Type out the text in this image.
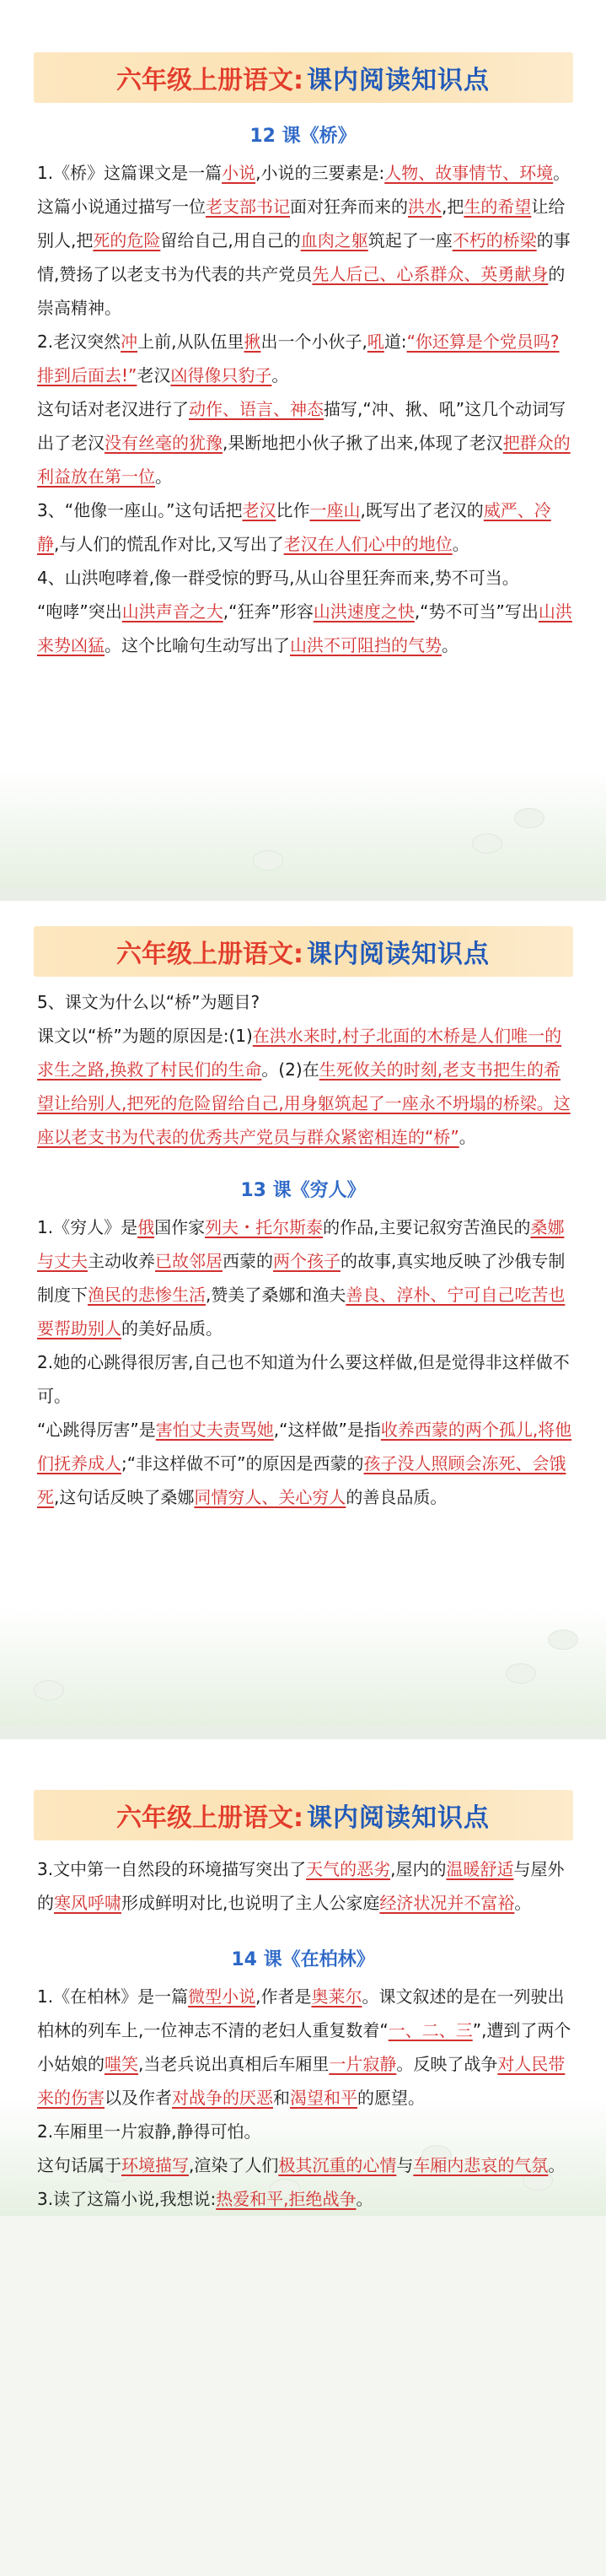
六年级上册语文: 课内阅读知识点
12 课《桥》

1.《桥》这篇课文是一篇小说,小说的三要素是:人物、故事情节、环境。

这篇小说通过描写一位老支部书记面对狂奔而来的洪水,把生的希望让给别人,把死的危险留给自己,用自己的血肉之躯筑起了一座不朽的桥梁的事情,赞扬了以老支书为代表的共产党员先人后己、心系群众、英勇献身的崇高精神。

2.老汉突然冲上前,从队伍里揪出一个小伙子,吼道:“你还算是个党员吗?排到后面去!”老汉凶得像只豹子。

这句话对老汉进行了动作、语言、神态描写,“冲、揪、吼”这几个动词写出了老汉没有丝毫的犹豫,果断地把小伙子揪了出来,体现了老汉把群众的利益放在第一位。

3、“他像一座山。”这句话把老汉比作一座山,既写出了老汉的威严、冷静,与人们的慌乱作对比,又写出了老汉在人们心中的地位。

4、山洪咆哮着,像一群受惊的野马,从山谷里狂奔而来,势不可当。

“咆哮”突出山洪声音之大,“狂奔”形容山洪速度之快,“势不可当”写出山洪来势凶猛。这个比喻句生动写出了山洪不可阻挡的气势。

六年级上册语文: 课内阅读知识点

5、课文为什么以“桥”为题目?

课文以“桥”为题的原因是:(1)在洪水来时,村子北面的木桥是人们唯一的求生之路,换救了村民们的生命。(2)在生死攸关的时刻,老支书把生的希望让给别人,把死的危险留给自己,用身躯筑起了一座永不坍塌的桥梁。这座以老支书为代表的优秀共产党员与群众紧密相连的“桥”。

13 课《穷人》

1.《穷人》是俄国作家列夫・托尔斯泰的作品,主要记叙穷苦渔民的桑娜与丈夫主动收养已故邻居西蒙的两个孩子的故事,真实地反映了沙俄专制制度下渔民的悲惨生活,赞美了桑娜和渔夫善良、淳朴、宁可自己吃苦也要帮助别人的美好品质。

2.她的心跳得很厉害,自己也不知道为什么要这样做,但是觉得非这样做不可。

“心跳得厉害”是害怕丈夫责骂她,“这样做”是指收养西蒙的两个孤儿,将他们抚养成人;“非这样做不可”的原因是西蒙的孩子没人照顾会冻死、会饿死,这句话反映了桑娜同情穷人、关心穷人的善良品质。

六年级上册语文: 课内阅读知识点

3.文中第一自然段的环境描写突出了天气的恶劣,屋内的温暖舒适与屋外的寒风呼啸形成鲜明对比,也说明了主人公家庭经济状况并不富裕。

14 课《在柏林》

1.《在柏林》是一篇微型小说,作者是奥莱尔。课文叙述的是在一列驶出柏林的列车上,一位神志不清的老妇人重复数着“一、二、三”,遭到了两个小姑娘的嗤笑,当老兵说出真相后车厢里一片寂静。反映了战争对人民带来的伤害以及作者对战争的厌恶和渴望和平的愿望。

2.车厢里一片寂静,静得可怕。

这句话属于环境描写,渲染了人们极其沉重的心情与车厢内悲哀的气氛。

3.读了这篇小说,我想说:热爱和平,拒绝战争。
